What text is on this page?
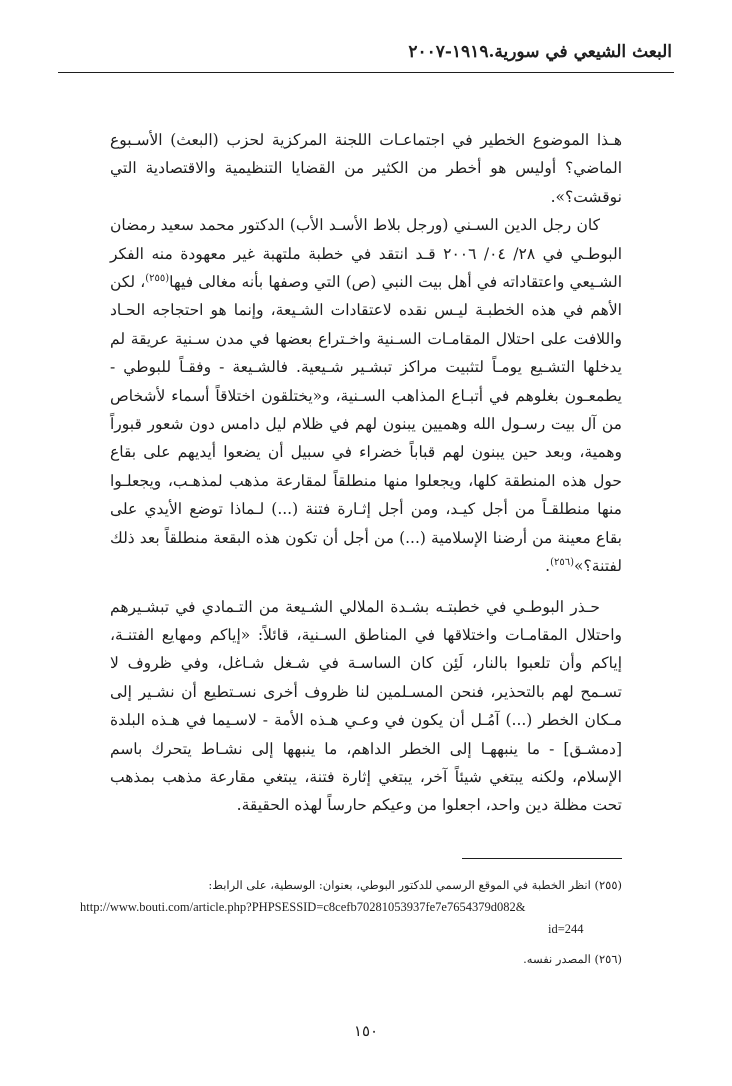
البعث الشيعي في سورية.١٩١٩-٢٠٠٧

هـذا الموضوع الخطير في اجتماعـات اللجنة المركزية لحزب (البعث) الأسـبوع الماضي؟ أوليس هو أخطر من الكثير من القضايا التنظيمية والاقتصادية التي نوقشت؟».

كان رجل الدين السـني (ورجل بلاط الأسـد الأب) الدكتور محمد سعيد رمضان البوطـي في ٢٨/ ٠٤/ ٢٠٠٦ قـد انتقد في خطبة ملتهبة غير معهودة منه الفكر الشـيعي واعتقاداته في أهل بيت النبي (ص) التي وصفها بأنه مغالى فيها$^{(٢٥٥)}$، لكن الأهم في هذه الخطبـة ليـس نقده لاعتقادات الشـيعة، وإنما هو احتجاجه الحـاد واللافت على احتلال المقامـات السـنية واخـتراع بعضها في مدن سـنية عريقة لم يدخلها التشـيع يومـاً لتثبيت مراكز تبشـير شـيعية. فالشـيعة - وفقـاً للبوطي - يطمعـون بغلوهم في أتبـاع المذاهب السـنية، و«يختلقون اختلاقاً أسماء لأشخاص من آل بيت رسـول الله وهميين يبنون لهم في ظلام ليل دامس دون شعور قبوراً وهمية، وبعد حين يبنون لهم قباباً خضراء في سبيل أن يضعوا أيديهم على بقاع حول هذه المنطقة كلها، ويجعلوا منها منطلقاً لمقارعة مذهب لمذهـب، ويجعلـوا منها منطلقـاً من أجل كيـد، ومن أجل إثـارة فتنة (...) لـماذا توضع الأيدي على بقاع معينة من أرضنا الإسلامية (...) من أجل أن تكون هذه البقعة منطلقاً بعد ذلك لفتنة؟»$^{(٢٥٦)}$.

حـذر البوطـي في خطبتـه بشـدة الملالي الشـيعة من التـمادي في تبشـيرهم واحتلال المقامـات واختلاقها في المناطق السـنية، قائلاً: «إياكم ومهايع الفتنـة، إياكم وأن تلعبوا بالنار، لَئِن كان الساسـة في شـغل شـاغل، وفي ظروف لا تسـمح لهم بالتحذير، فنحن المسـلمين لنا ظروف أخرى نسـتطيع أن نشـير إلى مـكان الخطر (...) آمُـل أن يكون في وعـي هـذه الأمة - لاسـيما في هـذه البلدة [دمشـق] - ما ينبههـا إلى الخطر الداهم، ما ينبهها إلى نشـاط يتحرك باسم الإسلام، ولكنه يبتغي شيئاً آخر، يبتغي إثارة فتنة، يبتغي مقارعة مذهب بمذهب تحت مظلة دين واحد، اجعلوا من وعيكم حارساً لهذه الحقيقة.

(٢٥٥) انظر الخطبة في الموقع الرسمي للدكتور البوطي، بعنوان: الوسطية، على الرابط:

http://www.bouti.com/article.php?PHPSESSID=c8cefb70281053937fe7e7654379d082&

id=244

(٢٥٦) المصدر نفسه.

١٥٠
